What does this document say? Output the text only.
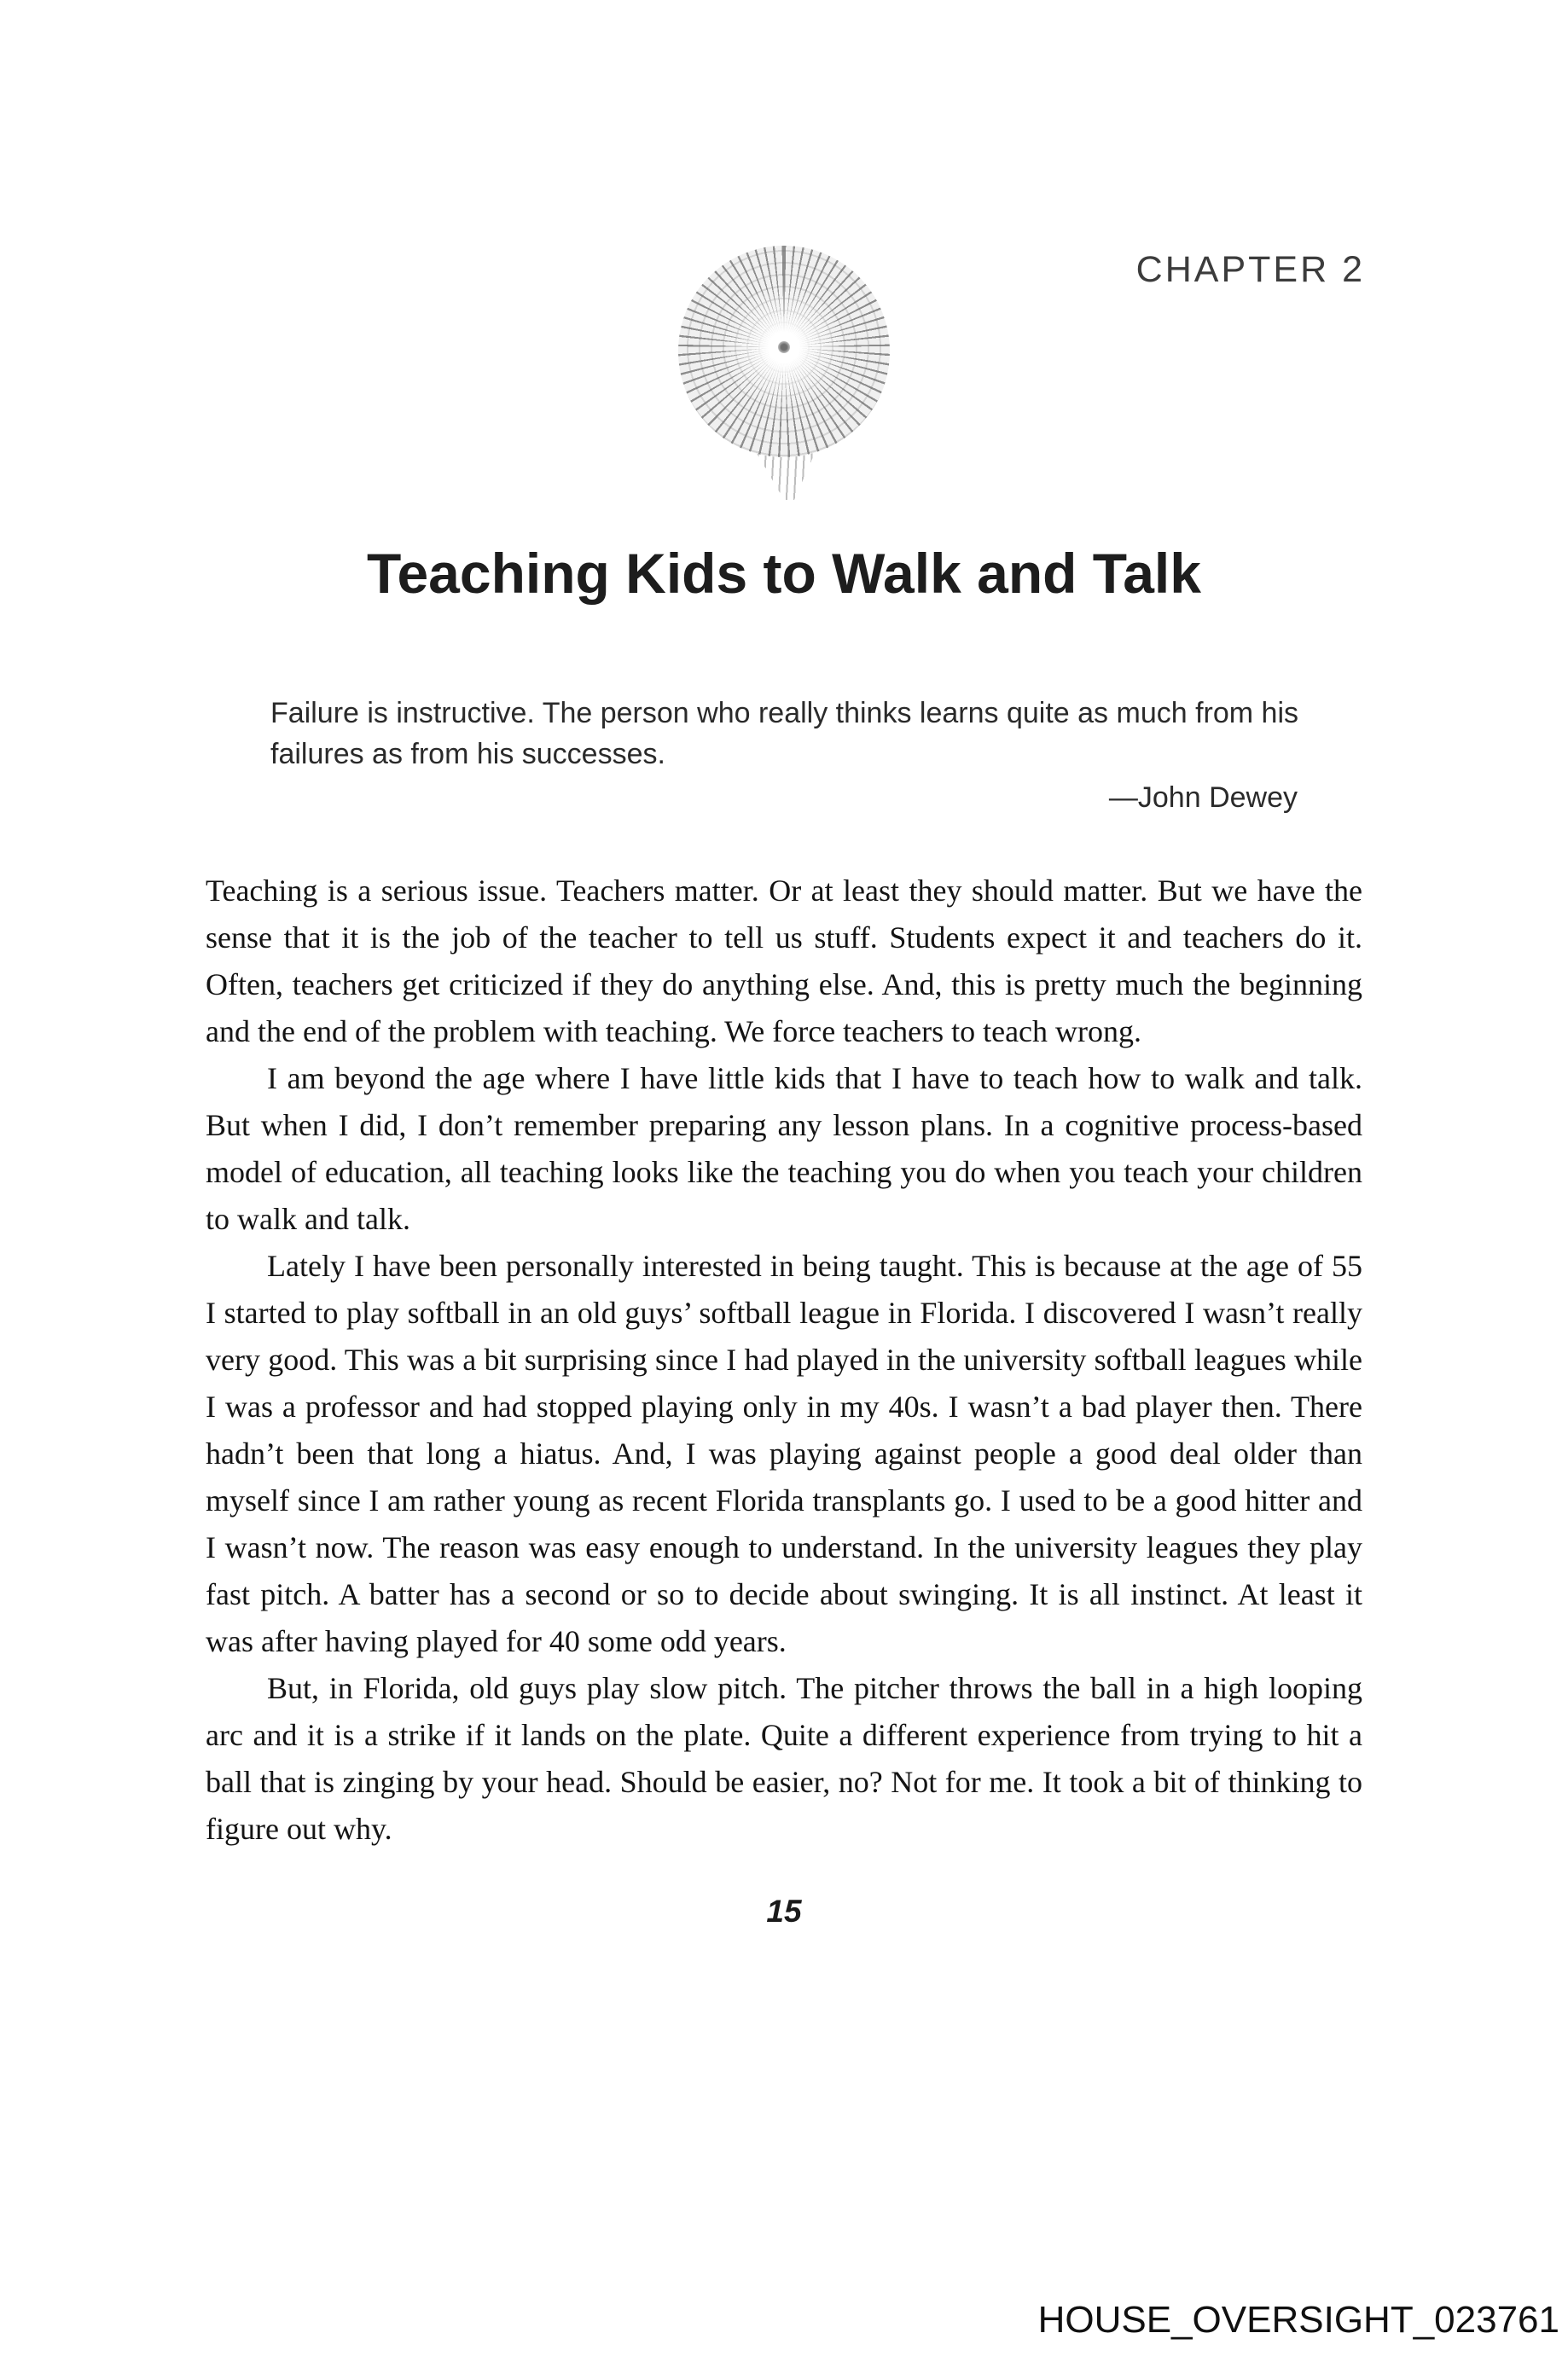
CHAPTER 2
Teaching Kids to Walk and Talk

Failure is instructive. The person who really thinks learns quite as much from his failures as from his successes.

—John Dewey

Teaching is a serious issue. Teachers matter. Or at least they should matter. But we have the sense that it is the job of the teacher to tell us stuff. Students expect it and teachers do it. Often, teachers get criticized if they do anything else. And, this is pretty much the beginning and the end of the problem with teaching. We force teachers to teach wrong.

I am beyond the age where I have little kids that I have to teach how to walk and talk. But when I did, I don’t remember preparing any lesson plans. In a cognitive process-based model of education, all teaching looks like the teaching you do when you teach your children to walk and talk.

Lately I have been personally interested in being taught. This is because at the age of 55 I started to play softball in an old guys’ softball league in Florida. I discovered I wasn’t really very good. This was a bit surprising since I had played in the university softball leagues while I was a professor and had stopped playing only in my 40s. I wasn’t a bad player then. There hadn’t been that long a hiatus. And, I was playing against people a good deal older than myself since I am rather young as recent Florida transplants go. I used to be a good hitter and I wasn’t now. The reason was easy enough to understand. In the university leagues they play fast pitch. A batter has a second or so to decide about swinging. It is all instinct. At least it was after having played for 40 some odd years.

But, in Florida, old guys play slow pitch. The pitcher throws the ball in a high looping arc and it is a strike if it lands on the plate. Quite a different experience from trying to hit a ball that is zinging by your head. Should be easier, no? Not for me. It took a bit of thinking to figure out why.

15
HOUSE_OVERSIGHT_023761
